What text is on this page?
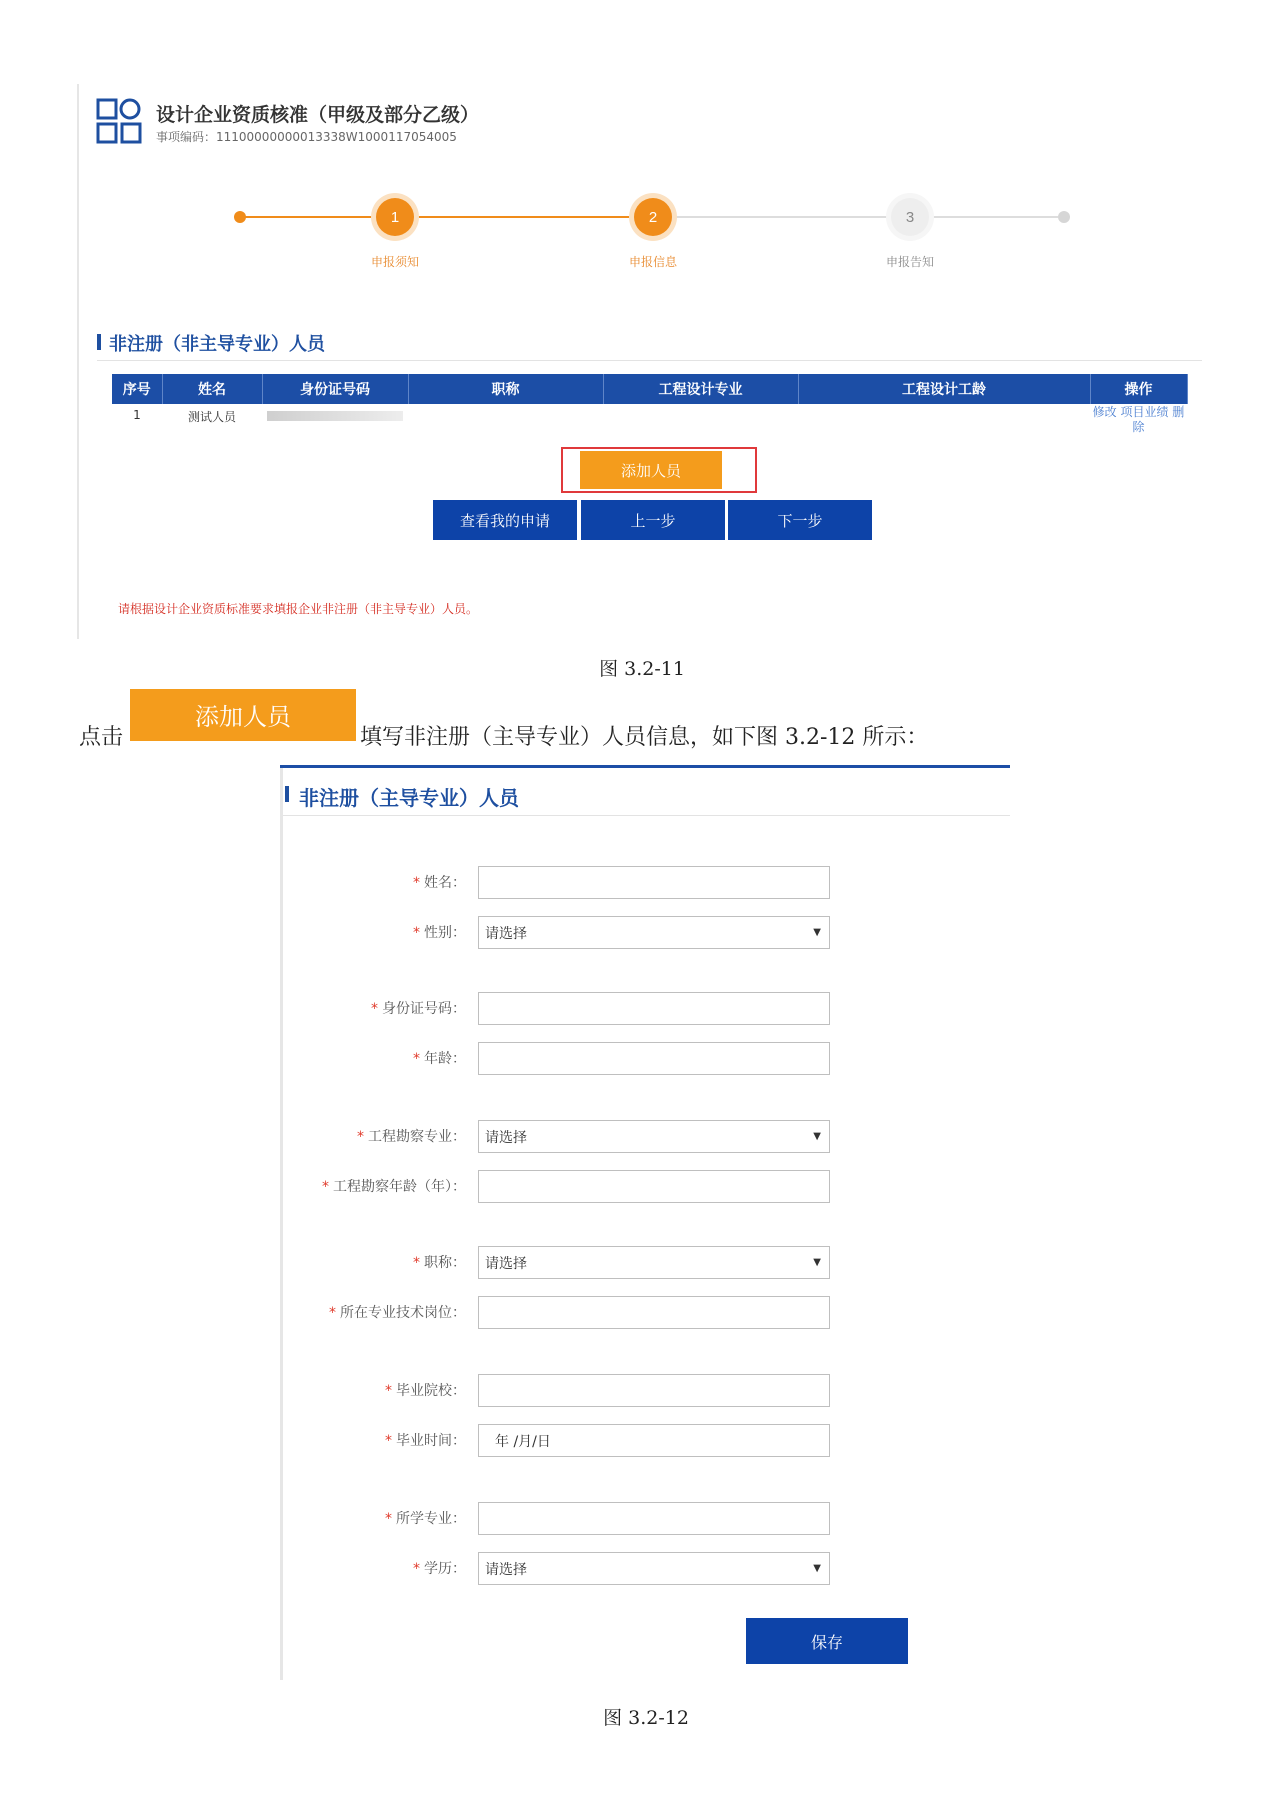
设计企业资质核准（甲级及部分乙级）
事项编码：11100000000013338W1000117054005
1
申报须知
2
申报信息
3
申报告知
非注册（非主导专业）人员
序号	姓名	身份证号码	职称	工程设计专业	工程设计工龄	操作
1	测试人员					修改 项目业绩 删除
添加人员
查看我的申请	上一步	下一步
请根据设计企业资质标准要求填报企业非注册（非主导专业）人员。
图 3.2-11
点击
添加人员
填写非注册（主导专业）人员信息，如下图 3.2-12 所示：
非注册（主导专业）人员
* 姓名：
* 性别： 请选择	▼
* 身份证号码：
* 年龄：
* 工程勘察专业： 请选择	▼
* 工程勘察年龄（年）：
* 职称： 请选择	▼
* 所在专业技术岗位：
* 毕业院校：
* 毕业时间：	年 /月/日
* 所学专业：
* 学历： 请选择	▼
保存
图 3.2-12
